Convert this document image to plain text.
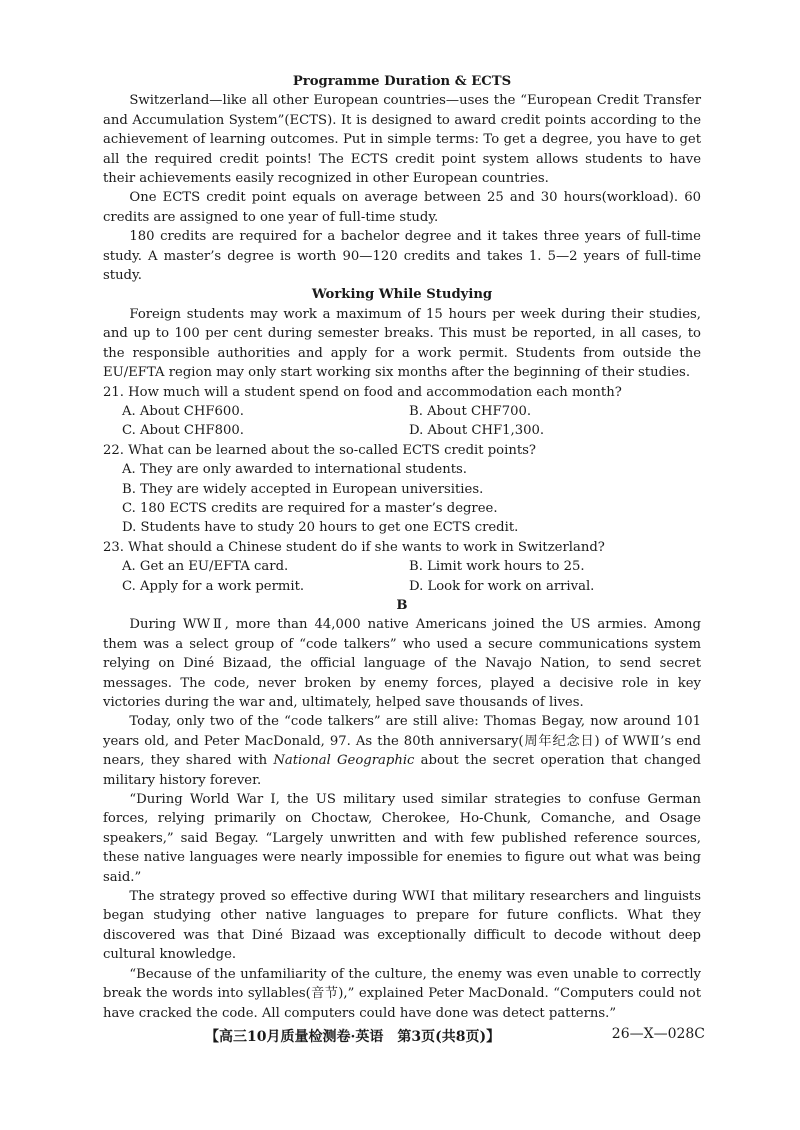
Programme Duration & ECTS

Switzerland—like all other European countries—uses the “European Credit Transfer and Accumulation System”(ECTS). It is designed to award credit points according to the achievement of learning outcomes. Put in simple terms: To get a degree, you have to get all the required credit points! The ECTS credit point system allows students to have their achievements easily recognized in other European countries.

One ECTS credit point equals on average between 25 and 30 hours(workload). 60 credits are assigned to one year of full-time study.

180 credits are required for a bachelor degree and it takes three years of full-time study. A master’s degree is worth 90—120 credits and takes 1. 5—2 years of full-time study.

Working While Studying

Foreign students may work a maximum of 15 hours per week during their studies, and up to 100 per cent during semester breaks. This must be reported, in all cases, to the responsible authorities and apply for a work permit. Students from outside the EU/EFTA region may only start working six months after the beginning of their studies.

21. How much will a student spend on food and accommodation each month?

A. About CHF600.	B. About CHF700.
C. About CHF800.	D. About CHF1,300.

22. What can be learned about the so-called ECTS credit points?

A. They are only awarded to international students.

B. They are widely accepted in European universities.

C. 180 ECTS credits are required for a master’s degree.

D. Students have to study 20 hours to get one ECTS credit.

23. What should a Chinese student do if she wants to work in Switzerland?

A. Get an EU/EFTA card.	B. Limit work hours to 25.
C. Apply for a work permit.	D. Look for work on arrival.

B

During WWⅡ, more than 44,000 native Americans joined the US armies. Among them was a select group of “code talkers” who used a secure communications system relying on Diné Bizaad, the official language of the Navajo Nation, to send secret messages. The code, never broken by enemy forces, played a decisive role in key victories during the war and, ultimately, helped save thousands of lives.

Today, only two of the “code talkers” are still alive: Thomas Begay, now around 101 years old, and Peter MacDonald, 97. As the 80th anniversary(周年纪念日) of WWⅡ’s end nears, they shared with National Geographic about the secret operation that changed military history forever.

“During World War I, the US military used similar strategies to confuse German forces, relying primarily on Choctaw, Cherokee, Ho-Chunk, Comanche, and Osage speakers,” said Begay. “Largely unwritten and with few published reference sources, these native languages were nearly impossible for enemies to figure out what was being said.”

The strategy proved so effective during WWⅠ that military researchers and linguists began studying other native languages to prepare for future conflicts. What they discovered was that Diné Bizaad was exceptionally difficult to decode without deep cultural knowledge.

“Because of the unfamiliarity of the culture, the enemy was even unable to correctly break the words into syllables(音节),” explained Peter MacDonald. “Computers could not have cracked the code. All computers could have done was detect patterns.”

【高三10月质量检测卷·英语　第3页(共8页)】	26—X—028C
